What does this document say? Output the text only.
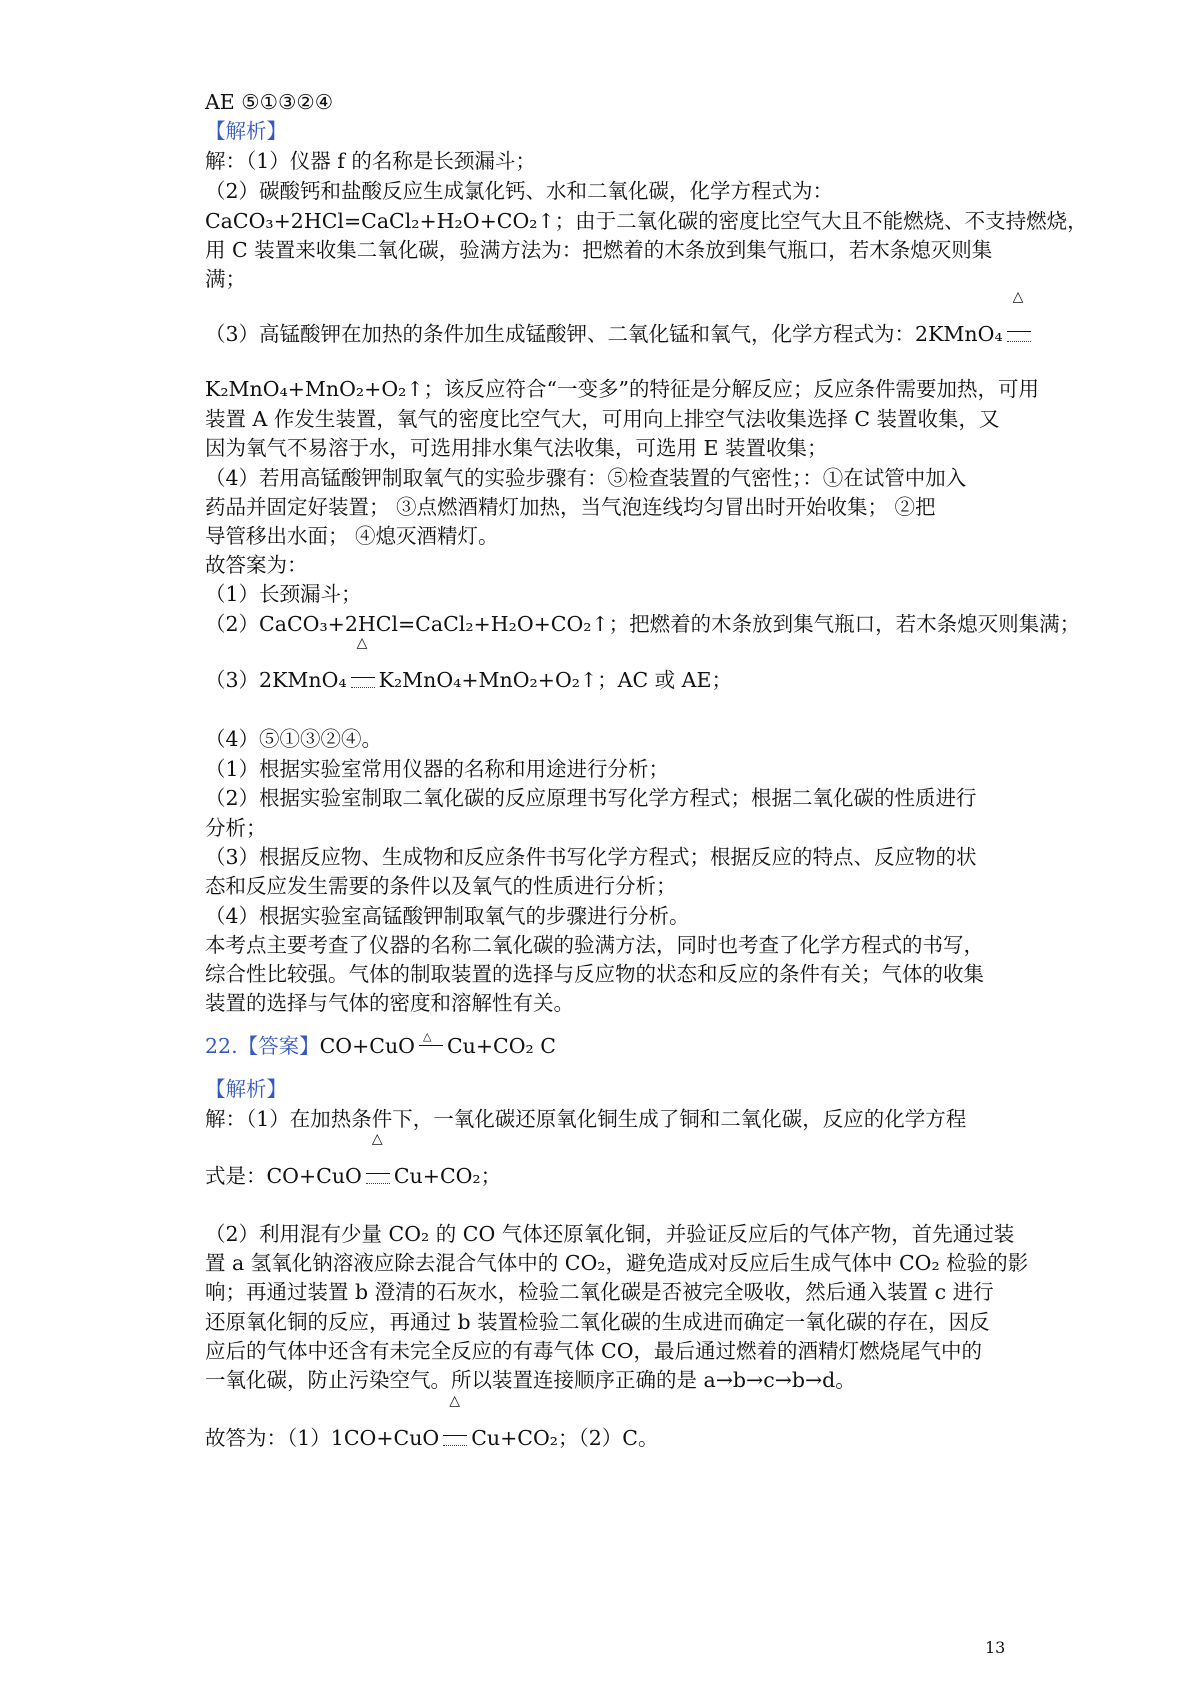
AE ⑤①③②④
【解析】
解：（1）仪器 f 的名称是长颈漏斗；
（2）碳酸钙和盐酸反应生成氯化钙、水和二氧化碳，化学方程式为：
CaCO₃+2HCl=CaCl₂+H₂O+CO₂↑；由于二氧化碳的密度比空气大且不能燃烧、不支持燃烧，
用 C 装置来收集二氧化碳，验满方法为：把燃着的木条放到集气瓶口，若木条熄灭则集
满；
（3）高锰酸钾在加热的条件加生成锰酸钾、二氧化锰和氧气，化学方程式为：2KMnO₄
△
K₂MnO₄+MnO₂+O₂↑；该反应符合“一变多”的特征是分解反应；反应条件需要加热，可用
装置 A 作发生装置，氧气的密度比空气大，可用向上排空气法收集选择 C 装置收集，又
因为氧气不易溶于水，可选用排水集气法收集，可选用 E 装置收集；
（4）若用高锰酸钾制取氧气的实验步骤有：⑤检查装置的气密性；：①在试管中加入
药品并固定好装置； ③点燃酒精灯加热，当气泡连线均匀冒出时开始收集； ②把
导管移出水面； ④熄灭酒精灯。
故答案为：
（1）长颈漏斗；
（2）CaCO₃+2HCl=CaCl₂+H₂O+CO₂↑；把燃着的木条放到集气瓶口，若木条熄灭则集满；
（3）2KMnO₄
△
K₂MnO₄+MnO₂+O₂↑；AC 或 AE；
（4）⑤①③②④。
（1）根据实验室常用仪器的名称和用途进行分析；
（2）根据实验室制取二氧化碳的反应原理书写化学方程式；根据二氧化碳的性质进行
分析；
（3）根据反应物、生成物和反应条件书写化学方程式；根据反应的特点、反应物的状
态和反应发生需要的条件以及氧气的性质进行分析；
（4）根据实验室高锰酸钾制取氧气的步骤进行分析。
本考点主要考查了仪器的名称二氧化碳的验满方法，同时也考查了化学方程式的书写，
综合性比较强。气体的制取装置的选择与反应物的状态和反应的条件有关；气体的收集
装置的选择与气体的密度和溶解性有关。
22.【答案】CO+CuO △ Cu+CO₂ C
【解析】
解：（1）在加热条件下，一氧化碳还原氧化铜生成了铜和二氧化碳，反应的化学方程
式是：CO+CuO
△
Cu+CO₂；
（2）利用混有少量 CO₂ 的 CO 气体还原氧化铜，并验证反应后的气体产物，首先通过装
置 a 氢氧化钠溶液应除去混合气体中的 CO₂，避免造成对反应后生成气体中 CO₂ 检验的影
响；再通过装置 b 澄清的石灰水，检验二氧化碳是否被完全吸收，然后通入装置 c 进行
还原氧化铜的反应，再通过 b 装置检验二氧化碳的生成进而确定一氧化碳的存在，因反
应后的气体中还含有未完全反应的有毒气体 CO，最后通过燃着的酒精灯燃烧尾气中的
一氧化碳，防止污染空气。所以装置连接顺序正确的是 a→b→c→b→d。
故答为：（1）1CO+CuO
△
Cu+CO₂；（2）C。
13
